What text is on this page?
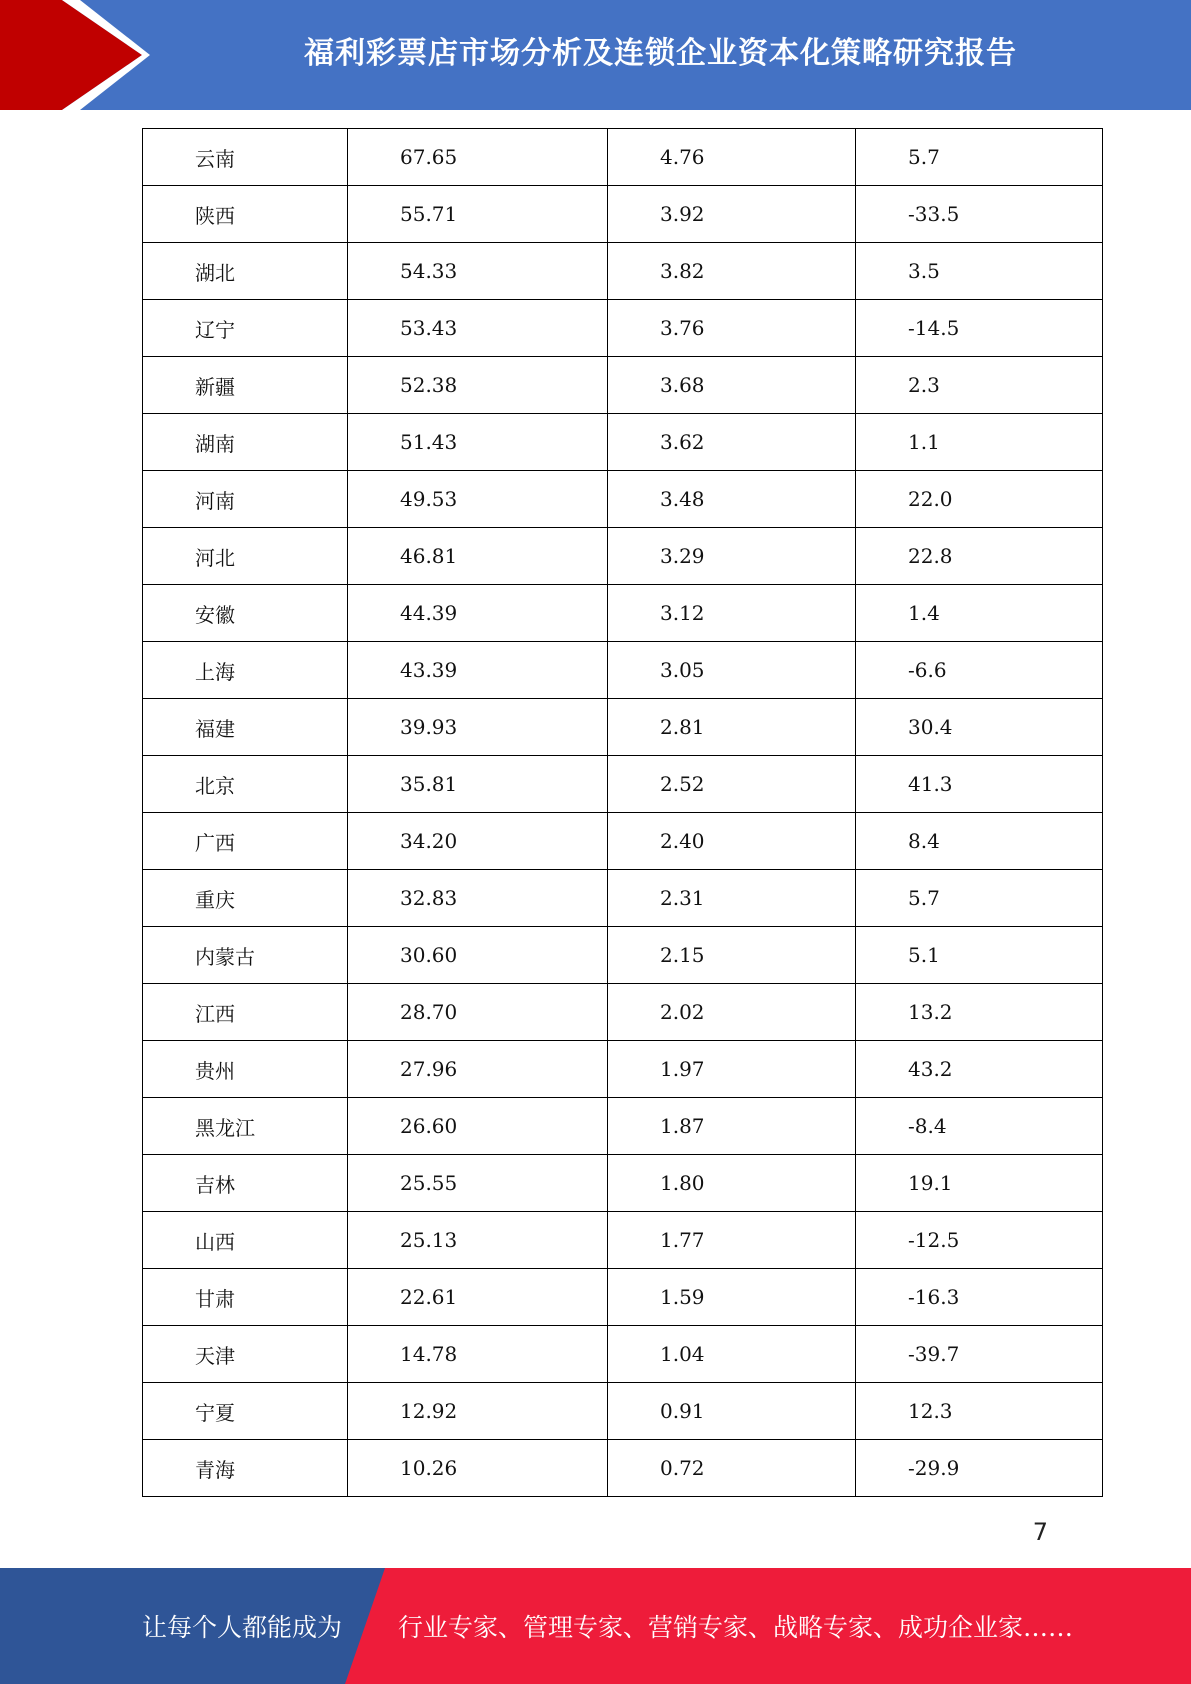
福利彩票店市场分析及连锁企业资本化策略研究报告
云南	67.65	4.76	5.7
陕西	55.71	3.92	-33.5
湖北	54.33	3.82	3.5
辽宁	53.43	3.76	-14.5
新疆	52.38	3.68	2.3
湖南	51.43	3.62	1.1
河南	49.53	3.48	22.0
河北	46.81	3.29	22.8
安徽	44.39	3.12	1.4
上海	43.39	3.05	-6.6
福建	39.93	2.81	30.4
北京	35.81	2.52	41.3
广西	34.20	2.40	8.4
重庆	32.83	2.31	5.7
内蒙古	30.60	2.15	5.1
江西	28.70	2.02	13.2
贵州	27.96	1.97	43.2
黑龙江	26.60	1.87	-8.4
吉林	25.55	1.80	19.1
山西	25.13	1.77	-12.5
甘肃	22.61	1.59	-16.3
天津	14.78	1.04	-39.7
宁夏	12.92	0.91	12.3
青海	10.26	0.72	-29.9
7
让每个人都能成为 行业专家、管理专家、营销专家、战略专家、成功企业家……
